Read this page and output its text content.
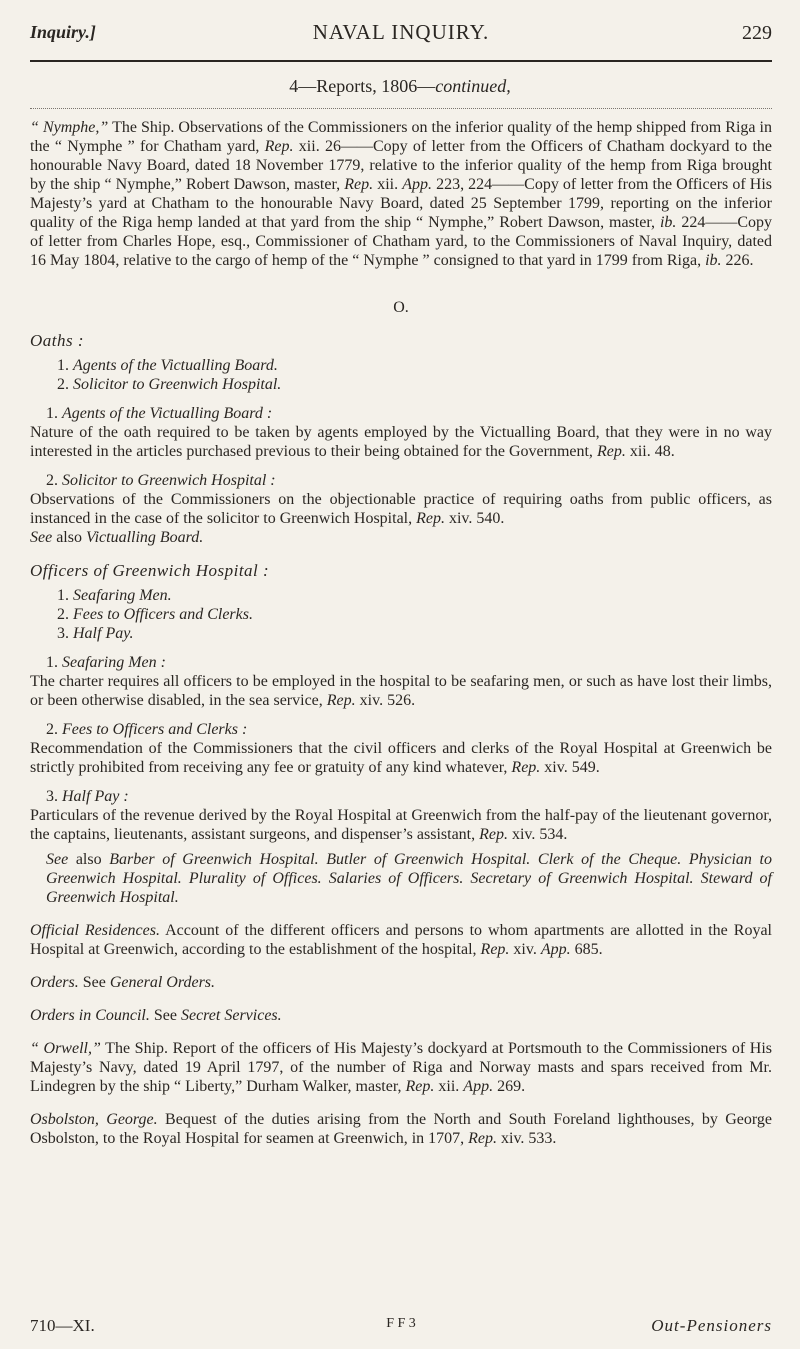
Inquiry.]	NAVAL INQUIRY.	229
4—Reports, 1806—continued,

“ Nymphe,” The Ship. Observations of the Commissioners on the inferior quality of the hemp shipped from Riga in the “ Nymphe ” for Chatham yard, Rep. xii. 26——Copy of letter from the Officers of Chatham dockyard to the honourable Navy Board, dated 18 November 1779, relative to the inferior quality of the hemp from Riga brought by the ship “ Nymphe,” Robert Dawson, master, Rep. xii. App. 223, 224——Copy of letter from the Officers of His Majesty’s yard at Chatham to the honourable Navy Board, dated 25 September 1799, reporting on the inferior quality of the Riga hemp landed at that yard from the ship “ Nymphe,” Robert Dawson, master, ib. 224——Copy of letter from Charles Hope, esq., Commissioner of Chatham yard, to the Commissioners of Naval Inquiry, dated 16 May 1804, relative to the cargo of hemp of the “ Nymphe ” consigned to that yard in 1799 from Riga, ib. 226.

O.

Oaths :

1. Agents of the Victualling Board.

2. Solicitor to Greenwich Hospital.

1. Agents of the Victualling Board :

Nature of the oath required to be taken by agents employed by the Victualling Board, that they were in no way interested in the articles purchased previous to their being obtained for the Government, Rep. xii. 48.

2. Solicitor to Greenwich Hospital :

Observations of the Commissioners on the objectionable practice of requiring oaths from public officers, as instanced in the case of the solicitor to Greenwich Hospital, Rep. xiv. 540.

See also Victualling Board.

Officers of Greenwich Hospital :

1. Seafaring Men.

2. Fees to Officers and Clerks.

3. Half Pay.

1. Seafaring Men :

The charter requires all officers to be employed in the hospital to be seafaring men, or such as have lost their limbs, or been otherwise disabled, in the sea service, Rep. xiv. 526.

2. Fees to Officers and Clerks :

Recommendation of the Commissioners that the civil officers and clerks of the Royal Hospital at Greenwich be strictly prohibited from receiving any fee or gratuity of any kind whatever, Rep. xiv. 549.

3. Half Pay :

Particulars of the revenue derived by the Royal Hospital at Greenwich from the half-pay of the lieutenant governor, the captains, lieutenants, assistant surgeons, and dispenser’s assistant, Rep. xiv. 534.

See also Barber of Greenwich Hospital. Butler of Greenwich Hospital. Clerk of the Cheque. Physician to Greenwich Hospital. Plurality of Offices. Salaries of Officers. Secretary of Greenwich Hospital. Steward of Greenwich Hospital.

Official Residences. Account of the different officers and persons to whom apartments are allotted in the Royal Hospital at Greenwich, according to the establishment of the hospital, Rep. xiv. App. 685.

Orders. See General Orders.

Orders in Council. See Secret Services.

“ Orwell,” The Ship. Report of the officers of His Majesty’s dockyard at Portsmouth to the Commissioners of His Majesty’s Navy, dated 19 April 1797, of the number of Riga and Norway masts and spars received from Mr. Lindegren by the ship “ Liberty,” Durham Walker, master, Rep. xii. App. 269.

Osbolston, George. Bequest of the duties arising from the North and South Foreland lighthouses, by George Osbolston, to the Royal Hospital for seamen at Greenwich, in 1707, Rep. xiv. 533.

710—XI.	F F 3	Out-Pensioners
